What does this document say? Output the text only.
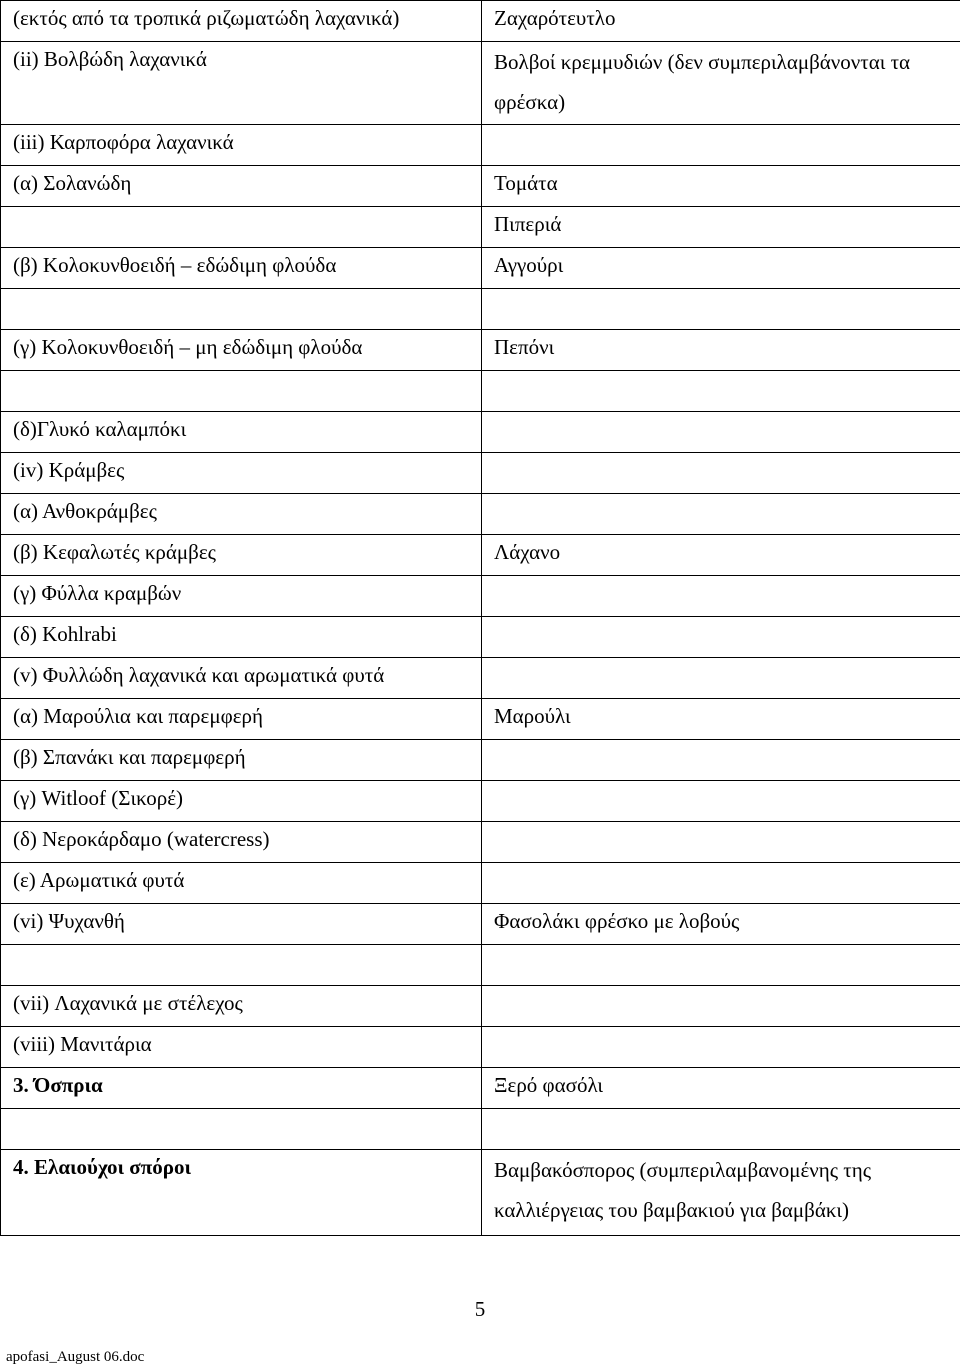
(εκτός από τα τροπικά ριζωματώδη λαχανικά)	Ζαχαρότευτλο

(ii) Βολβώδη λαχανικά	Βολβοί κρεμμυδιών (δεν συμπεριλαμβάνονται τα φρέσκα)

(iii) Καρποφόρα λαχανικά	

(α) Σολανώδη	Τομάτα

	Πιπεριά

(β) Κολοκυνθοειδή – εδώδιμη φλούδα	Αγγούρι

(γ) Κολοκυνθοειδή – μη εδώδιμη φλούδα	Πεπόνι

(δ)Γλυκό καλαμπόκι	

(iv) Κράμβες	

(α) Ανθοκράμβες	

(β) Κεφαλωτές κράμβες	Λάχανο

(γ) Φύλλα κραμβών	

(δ) Kohlrabi	

(v) Φυλλώδη λαχανικά και αρωματικά φυτά	

(α) Μαρούλια και παρεμφερή	Μαρούλι

(β) Σπανάκι και παρεμφερή	

(γ) Witloof (Σικορέ)	

(δ) Νεροκάρδαμο (watercress)	

(ε) Αρωματικά φυτά	

(vi) Ψυχανθή	Φασολάκι φρέσκο με λοβούς

(vii) Λαχανικά με στέλεχος	

(viii) Μανιτάρια	

3. Όσπρια	Ξερό φασόλι

4. Ελαιούχοι σπόροι	Βαμβακόσπορος (συμπεριλαμβανομένης της καλλιέργειας του βαμβακιού για βαμβάκι)
5
apofasi_August 06.doc
